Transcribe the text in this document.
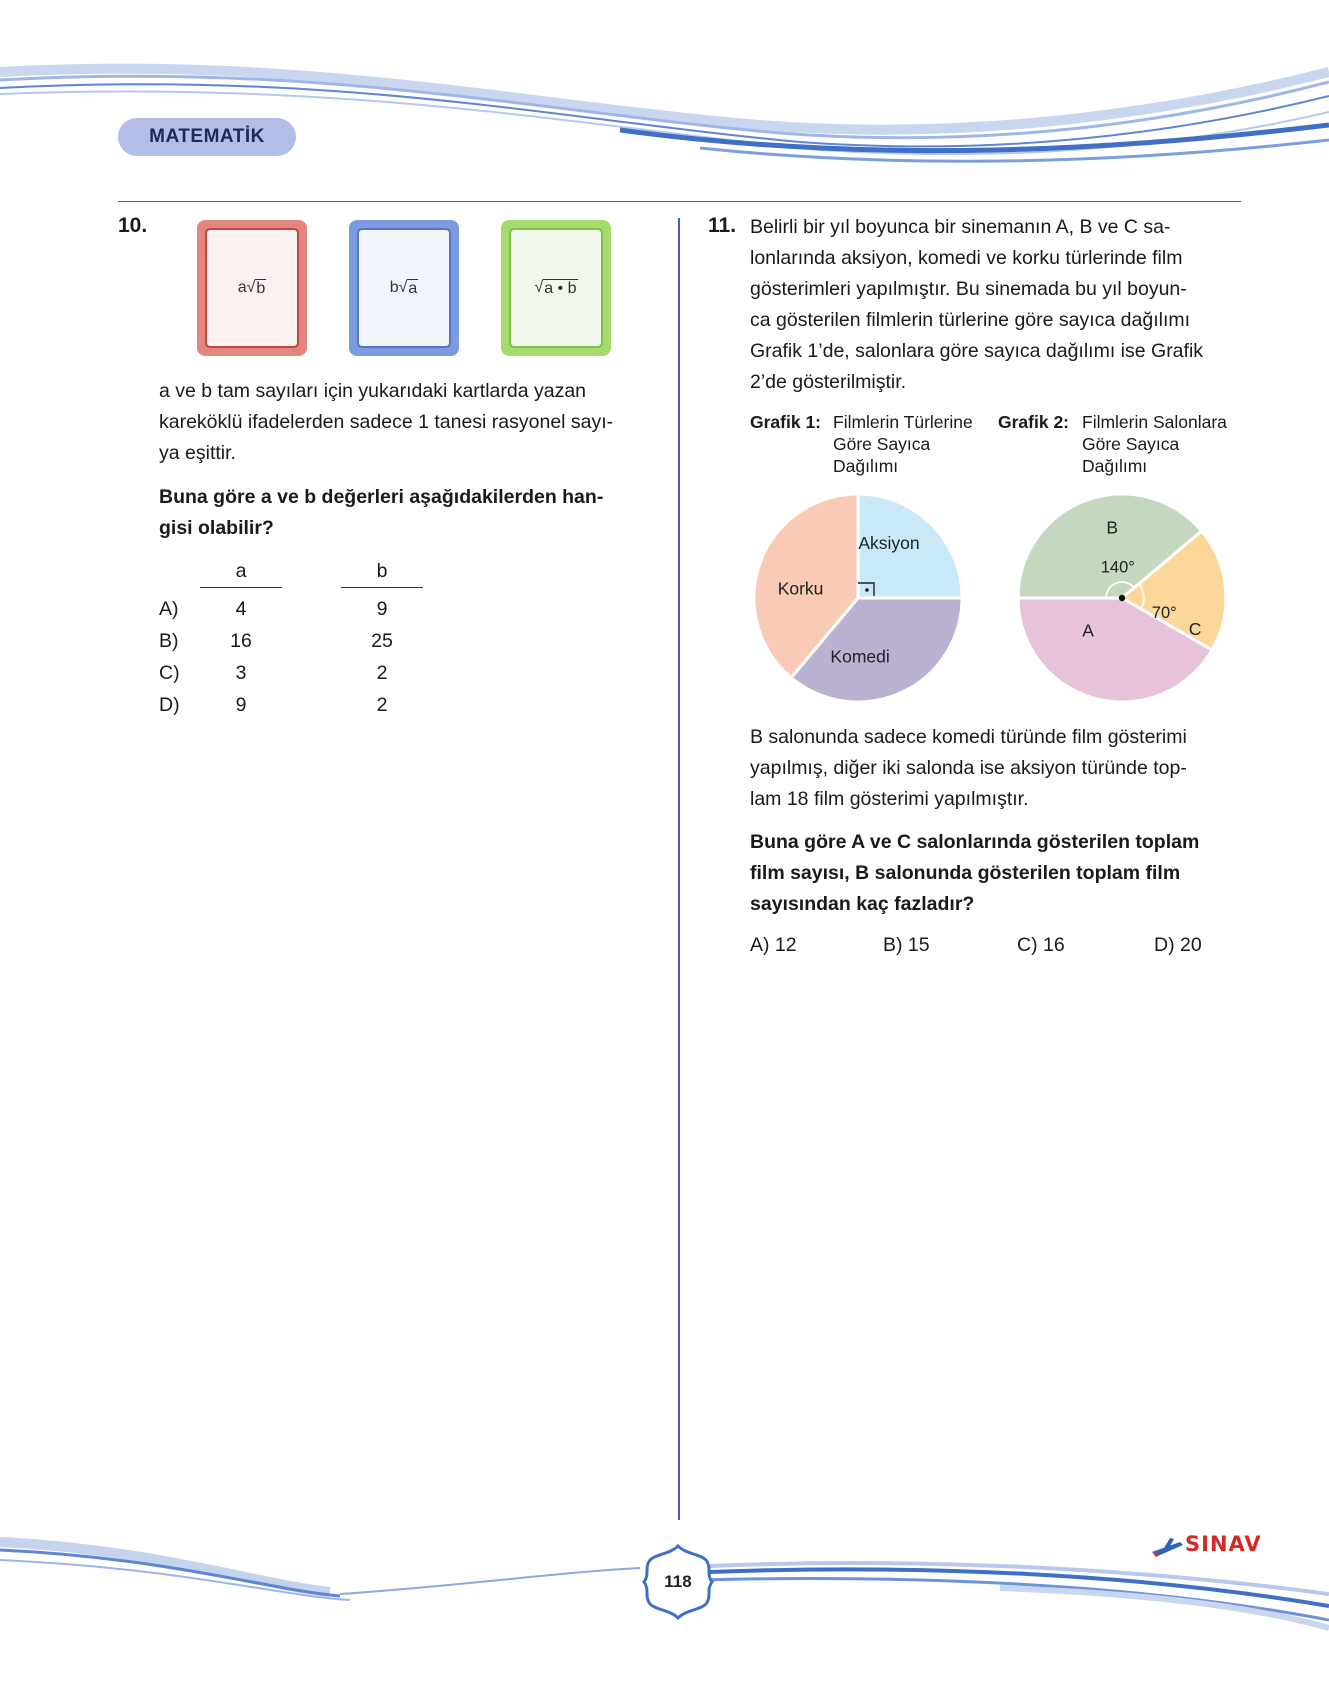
MATEMATİK
10.
a √ b	b √ a	√ a • b
a ve b tam sayıları için yukarıdaki kartlarda yazan
kareköklü ifadelerden sadece 1 tanesi rasyonel sayı-
ya eşittir.
Buna göre a ve b değerleri aşağıdakilerden han-
gisi olabilir?
a	b
A)	4	9
B)	16	25
C)	3	2
D)	9	2
11. Belirli bir yıl boyunca bir sinemanın A, B ve C sa-
lonlarında aksiyon, komedi ve korku türlerinde film
gösterimleri yapılmıştır. Bu sinemada bu yıl boyun-
ca gösterilen filmlerin türlerine göre sayıca dağılımı
Grafik 1’de, salonlara göre sayıca dağılımı ise Grafik
2’de gösterilmiştir.
Grafik 1: Filmlerin Türlerine
Göre Sayıca
Dağılımı
Grafik 2: Filmlerin Salonlara
Göre Sayıca
Dağılımı
Aksiyon
Komedi
Korku
B
140°
C
70°
A
B salonunda sadece komedi türünde film gösterimi
yapılmış, diğer iki salonda ise aksiyon türünde top-
lam 18 film gösterimi yapılmıştır.
Buna göre A ve C salonlarında gösterilen toplam
film sayısı, B salonunda gösterilen toplam film
sayısından kaç fazladır?
A) 12	B) 15	C) 16	D) 20
118
SINAV
